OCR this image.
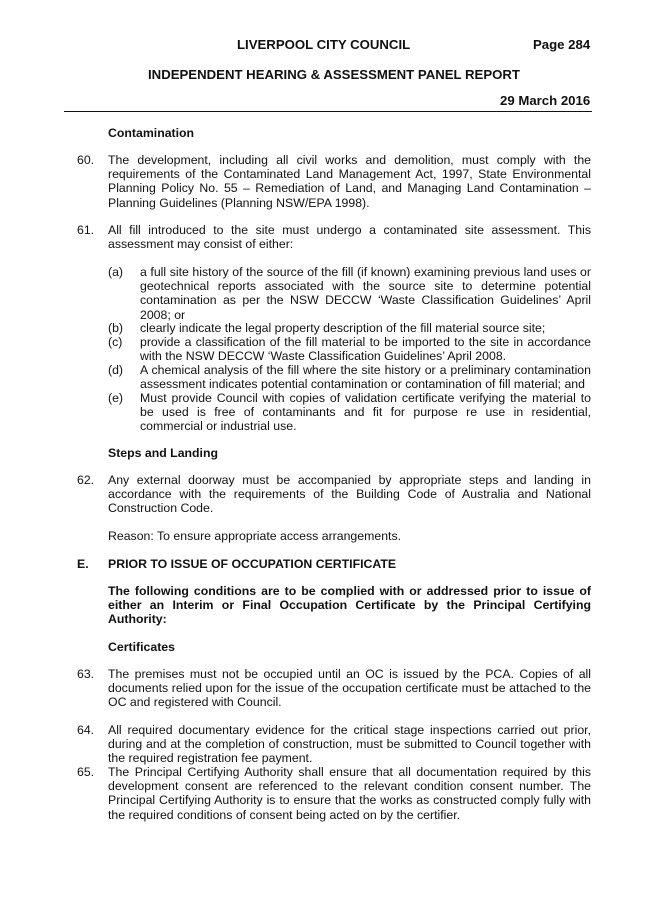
LIVERPOOL CITY COUNCIL	Page 284
INDEPENDENT HEARING & ASSESSMENT PANEL REPORT
29 March 2016
Contamination
60. The development, including all civil works and demolition, must comply with the requirements of the Contaminated Land Management Act, 1997, State Environmental Planning Policy No. 55 – Remediation of Land, and Managing Land Contamination – Planning Guidelines (Planning NSW/EPA 1998).
61. All fill introduced to the site must undergo a contaminated site assessment. This assessment may consist of either:
(a) a full site history of the source of the fill (if known) examining previous land uses or geotechnical reports associated with the source site to determine potential contamination as per the NSW DECCW ‘Waste Classification Guidelines’ April 2008; or
(b) clearly indicate the legal property description of the fill material source site;
(c) provide a classification of the fill material to be imported to the site in accordance with the NSW DECCW ‘Waste Classification Guidelines’ April 2008.
(d) A chemical analysis of the fill where the site history or a preliminary contamination assessment indicates potential contamination or contamination of fill material; and
(e) Must provide Council with copies of validation certificate verifying the material to be used is free of contaminants and fit for purpose re use in residential, commercial or industrial use.
Steps and Landing
62. Any external doorway must be accompanied by appropriate steps and landing in accordance with the requirements of the Building Code of Australia and National Construction Code.
Reason: To ensure appropriate access arrangements.
E. PRIOR TO ISSUE OF OCCUPATION CERTIFICATE
The following conditions are to be complied with or addressed prior to issue of either an Interim or Final Occupation Certificate by the Principal Certifying Authority:
Certificates
63. The premises must not be occupied until an OC is issued by the PCA. Copies of all documents relied upon for the issue of the occupation certificate must be attached to the OC and registered with Council.
64. All required documentary evidence for the critical stage inspections carried out prior, during and at the completion of construction, must be submitted to Council together with the required registration fee payment.
65. The Principal Certifying Authority shall ensure that all documentation required by this development consent are referenced to the relevant condition consent number. The Principal Certifying Authority is to ensure that the works as constructed comply fully with the required conditions of consent being acted on by the certifier.
